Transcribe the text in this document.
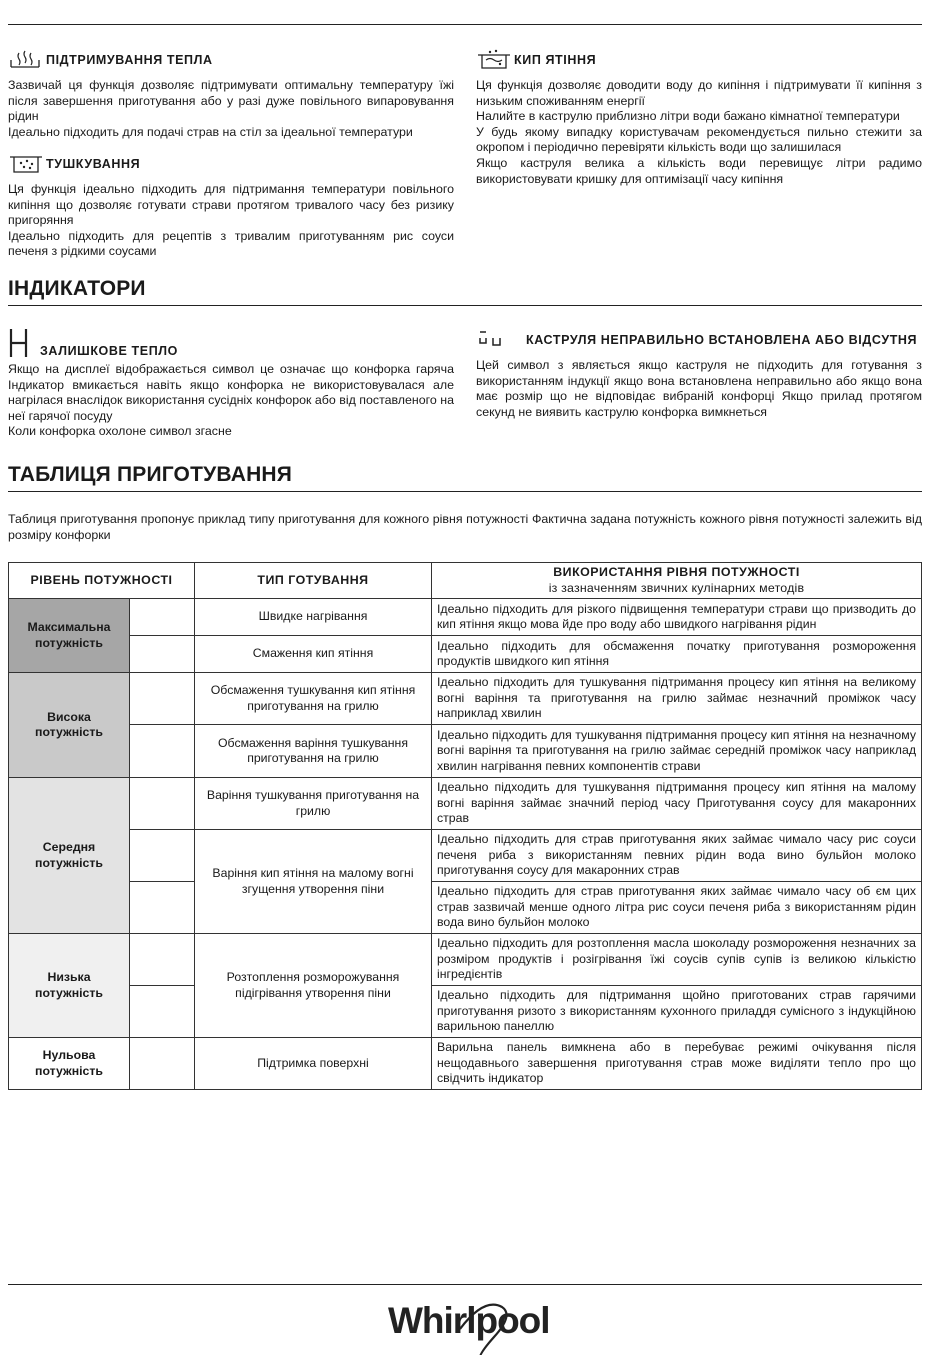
ПІДТРИМУВАННЯ ТЕПЛА

Зазвичай ця функція дозволяє підтримувати оптимальну температуру їжі після завершення приготування або у разі дуже повільного випаровування рідин

Ідеально підходить для подачі страв на стіл за ідеальної температури

ТУШКУВАННЯ

Ця функція ідеально підходить для підтримання температури повільного кипіння що дозволяє готувати страви протягом тривалого часу без ризику пригоряння

Ідеально підходить для рецептів з тривалим приготуванням рис соуси печеня з рідкими соусами

КИП ЯТІННЯ

Ця функція дозволяє доводити воду до кипіння і підтримувати її кипіння з низьким споживанням енергії

Налийте в каструлю приблизно літри води бажано кімнатної температури

У будь якому випадку користувачам рекомендується пильно стежити за окропом і періодично перевіряти кількість води що залишилася

Якщо каструля велика а кількість води перевищує літри радимо використовувати кришку для оптимізації часу кипіння

ІНДИКАТОРИ
ЗАЛИШКОВЕ ТЕПЛО

Якщо на дисплеї відображається символ це означає що конфорка гаряча Індикатор вмикається навіть якщо конфорка не використовувалася але нагрілася внаслідок використання сусідніх конфорок або від поставленого на неї гарячої посуду

Коли конфорка охолоне символ згасне

КАСТРУЛЯ НЕПРАВИЛЬНО ВСТАНОВЛЕНА АБО ВІДСУТНЯ

Цей символ з являється якщо каструля не підходить для готування з використанням індукції якщо вона встановлена неправильно або якщо вона має розмір що не відповідає вибраній конфорці Якщо прилад протягом секунд не виявить каструлю конфорка вимкнеться

ТАБЛИЦЯ ПРИГОТУВАННЯ
Таблиця приготування пропонує приклад типу приготування для кожного рівня потужності Фактична задана потужність кожного рівня потужності залежить від розміру конфорки
РІВЕНЬ ПОТУЖНОСТІ		ТИП ГОТУВАННЯ	ВИКОРИСТАННЯ РІВНЯ ПОТУЖНОСТІ
із зазначенням звичних кулінарних методів

Максимальна потужність		Швидке нагрівання	Ідеально підходить для різкого підвищення температури страви що призводить до кип ятіння якщо мова йде про воду або швидкого нагрівання рідин
		Смаження кип ятіння	Ідеально підходить для обсмаження початку приготування розмороження продуктів швидкого кип ятіння
Висока потужність		Обсмаження тушкування кип ятіння приготування на грилю	Ідеально підходить для тушкування підтримання процесу кип ятіння на великому вогні варіння та приготування на грилю займає незначний проміжок часу наприклад хвилин
		Обсмаження варіння тушкування приготування на грилю	Ідеально підходить для тушкування підтримання процесу кип ятіння на незначному вогні варіння та приготування на грилю займає середній проміжок часу наприклад хвилин нагрівання певних компонентів страви
Середня потужність		Варіння тушкування приготування на грилю	Ідеально підходить для тушкування підтримання процесу кип ятіння на малому вогні варіння займає значний період часу Приготування соусу для макаронних страв
		Варіння кип ятіння на малому вогні згущення утворення піни	Ідеально підходить для страв приготування яких займає чимало часу рис соуси печеня риба з використанням певних рідин вода вино бульйон молоко приготування соусу для макаронних страв
			Ідеально підходить для страв приготування яких займає чимало часу об єм цих страв зазвичай менше одного літра рис соуси печеня риба з використанням рідин вода вино бульйон молоко
Низька потужність		Розтоплення розморожування підігрівання утворення піни	Ідеально підходить для розтоплення масла шоколаду розмороження незначних за розміром продуктів і розігрівання їжі соусів супів супів із великою кількістю інгредієнтів
			Ідеально підходить для підтримання щойно приготованих страв гарячими приготування ризото з використанням кухонного приладдя сумісного з індукційною варильною панеллю
Нульова потужність		Підтримка поверхні	Варильна панель вимкнена або в перебуває режимі очікування після нещодавнього завершення приготування страв може виділяти тепло про що свідчить індикатор
Whirlpool
